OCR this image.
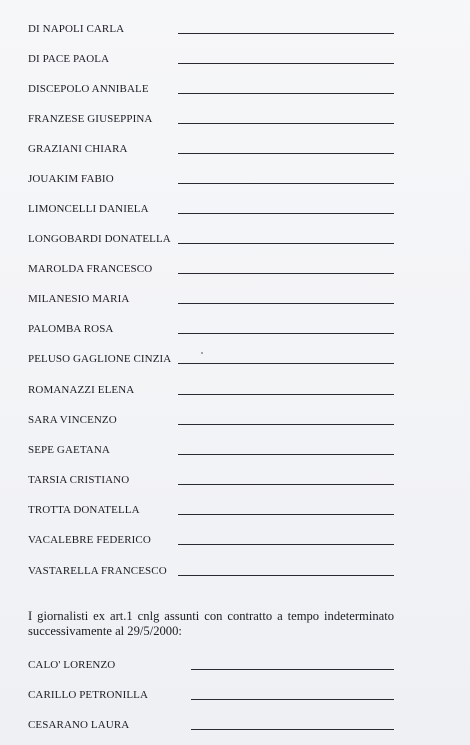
DI NAPOLI CARLA
DI PACE PAOLA
DISCEPOLO ANNIBALE
FRANZESE GIUSEPPINA
GRAZIANI CHIARA
JOUAKIM FABIO
LIMONCELLI DANIELA
LONGOBARDI DONATELLA
MAROLDA FRANCESCO
MILANESIO MARIA
PALOMBA ROSA
PELUSO GAGLIONE CINZIA
ROMANAZZI ELENA
SARA VINCENZO
SEPE GAETANA
TARSIA CRISTIANO
TROTTA DONATELLA
VACALEBRE FEDERICO
VASTARELLA FRANCESCO
I giornalisti ex art.1 cnlg assunti con contratto a tempo indeterminato
successivamente al 29/5/2000:
CALO' LORENZO
CARILLO PETRONILLA
CESARANO LAURA
